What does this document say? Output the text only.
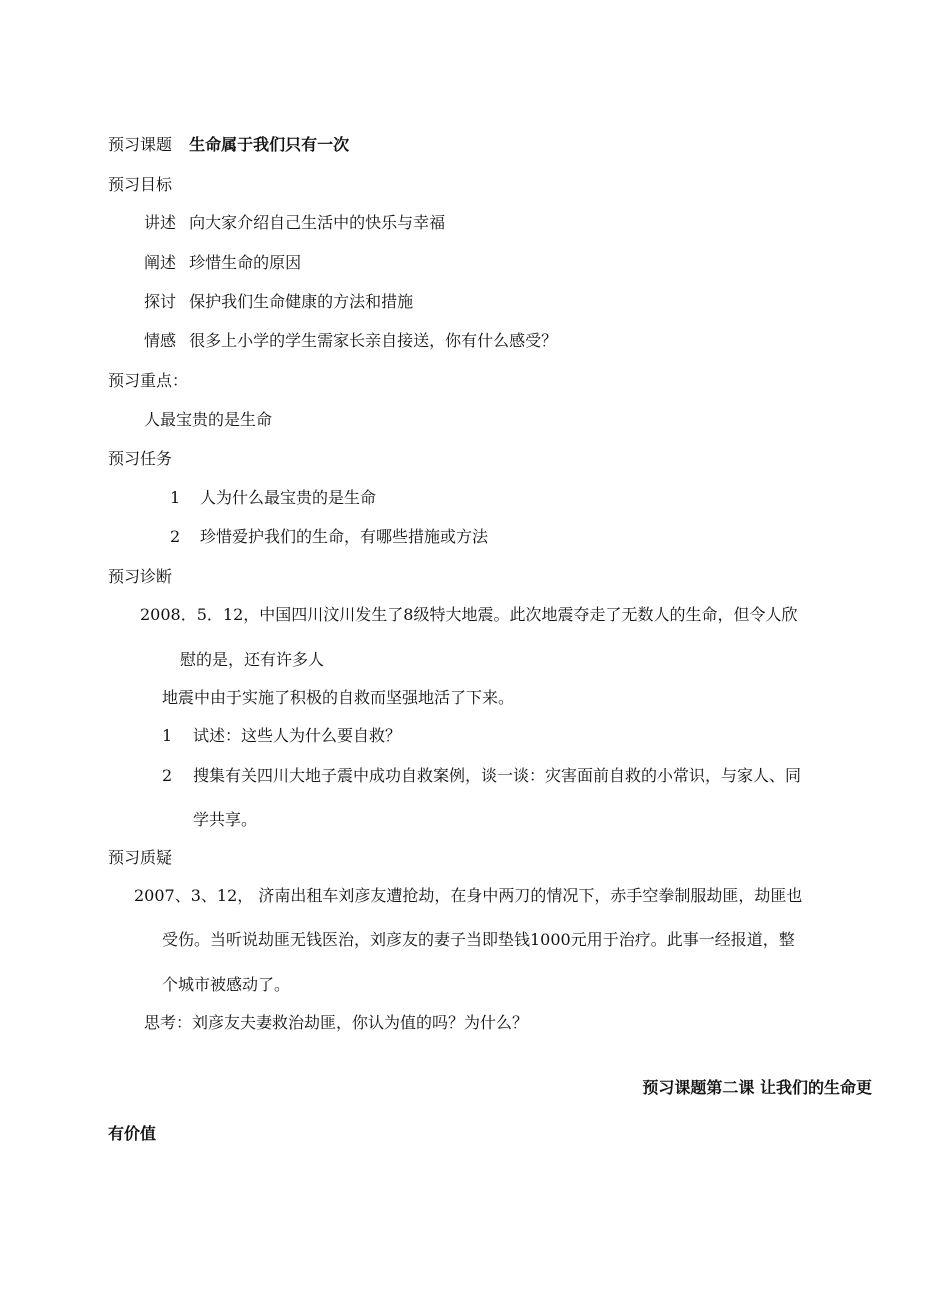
预习课题 生命属于我们只有一次
预习目标
讲述 向大家介绍自己生活中的快乐与幸福
阐述 珍惜生命的原因
探讨 保护我们生命健康的方法和措施
情感 很多上小学的学生需家长亲自接送，你有什么感受？
预习重点：
人最宝贵的是生命
预习任务
1 人为什么最宝贵的是生命
2 珍惜爱护我们的生命，有哪些措施或方法
预习诊断
2008．5．12，中国四川汶川发生了8级特大地震。此次地震夺走了无数人的生命，但令人欣
慰的是，还有许多人
地震中由于实施了积极的自救而坚强地活了下来。
1 试述：这些人为什么要自救？
2 搜集有关四川大地子震中成功自救案例，谈一谈：灾害面前自救的小常识，与家人、同
学共享。
预习质疑
2007、3、12， 济南出租车刘彦友遭抢劫，在身中两刀的情况下，赤手空拳制服劫匪，劫匪也
受伤。当听说劫匪无钱医治，刘彦友的妻子当即垫钱1000元用于治疗。此事一经报道，整
个城市被感动了。
思考：刘彦友夫妻救治劫匪，你认为值的吗？为什么？
预习课题第二课 让我们的生命更
有价值
